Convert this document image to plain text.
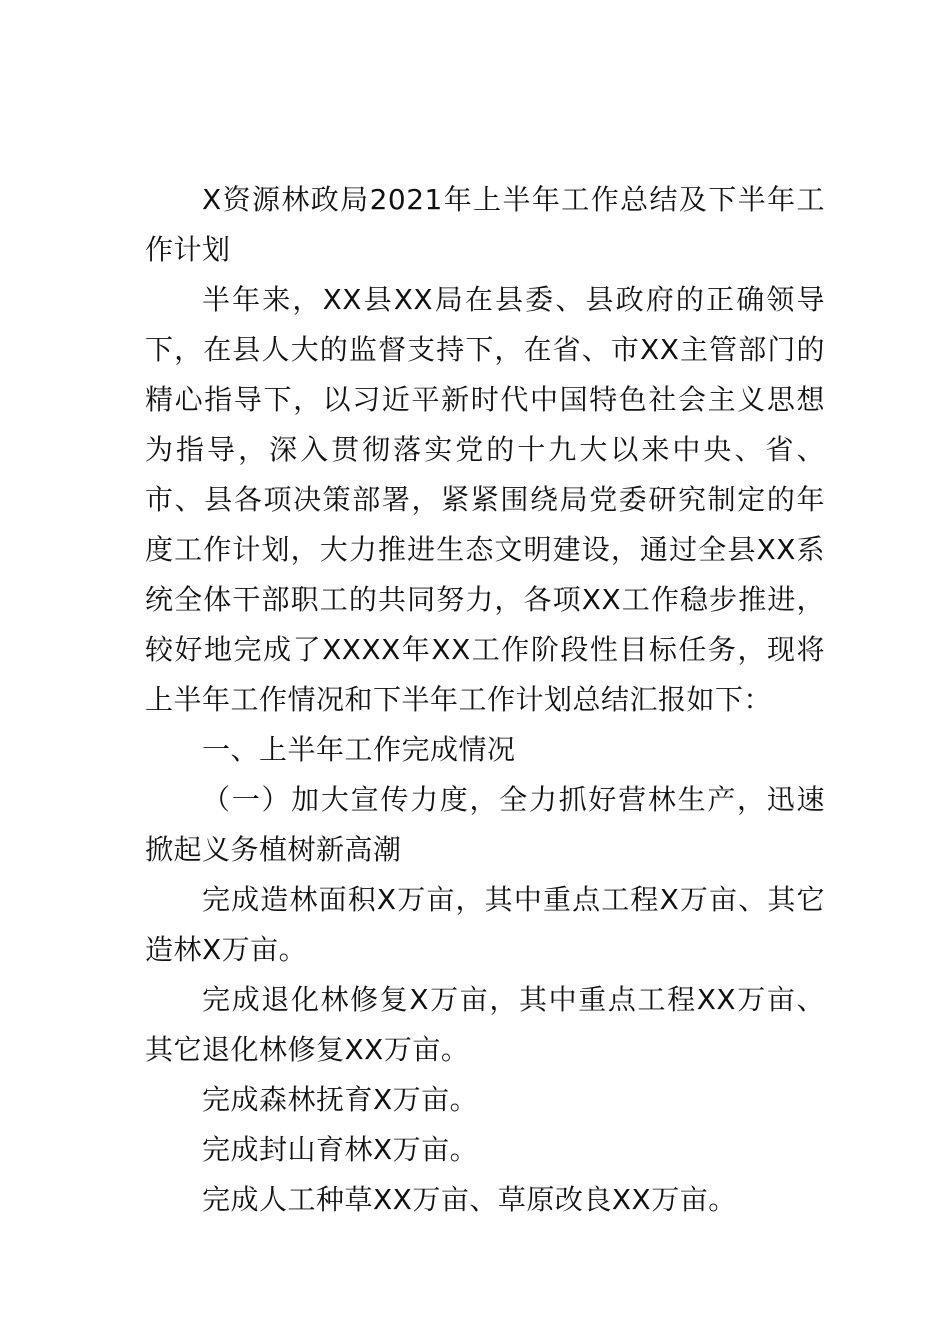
X资源林政局2021年上半年工作总结及下半年工作计划

半年来，XX县XX局在县委、县政府的正确领导下，在县人大的监督支持下，在省、市XX主管部门的精心指导下，以习近平新时代中国特色社会主义思想为指导，深入贯彻落实党的十九大以来中央、省、市、县各项决策部署，紧紧围绕局党委研究制定的年度工作计划，大力推进生态文明建设，通过全县XX系统全体干部职工的共同努力，各项XX工作稳步推进，较好地完成了XXXX年XX工作阶段性目标任务，现将上半年工作情况和下半年工作计划总结汇报如下：

一、上半年工作完成情况

（一）加大宣传力度，全力抓好营林生产，迅速掀起义务植树新高潮

完成造林面积X万亩，其中重点工程X万亩、其它造林X万亩。

完成退化林修复X万亩，其中重点工程XX万亩、其它退化林修复XX万亩。

完成森林抚育X万亩。

完成封山育林X万亩。

完成人工种草XX万亩、草原改良XX万亩。
